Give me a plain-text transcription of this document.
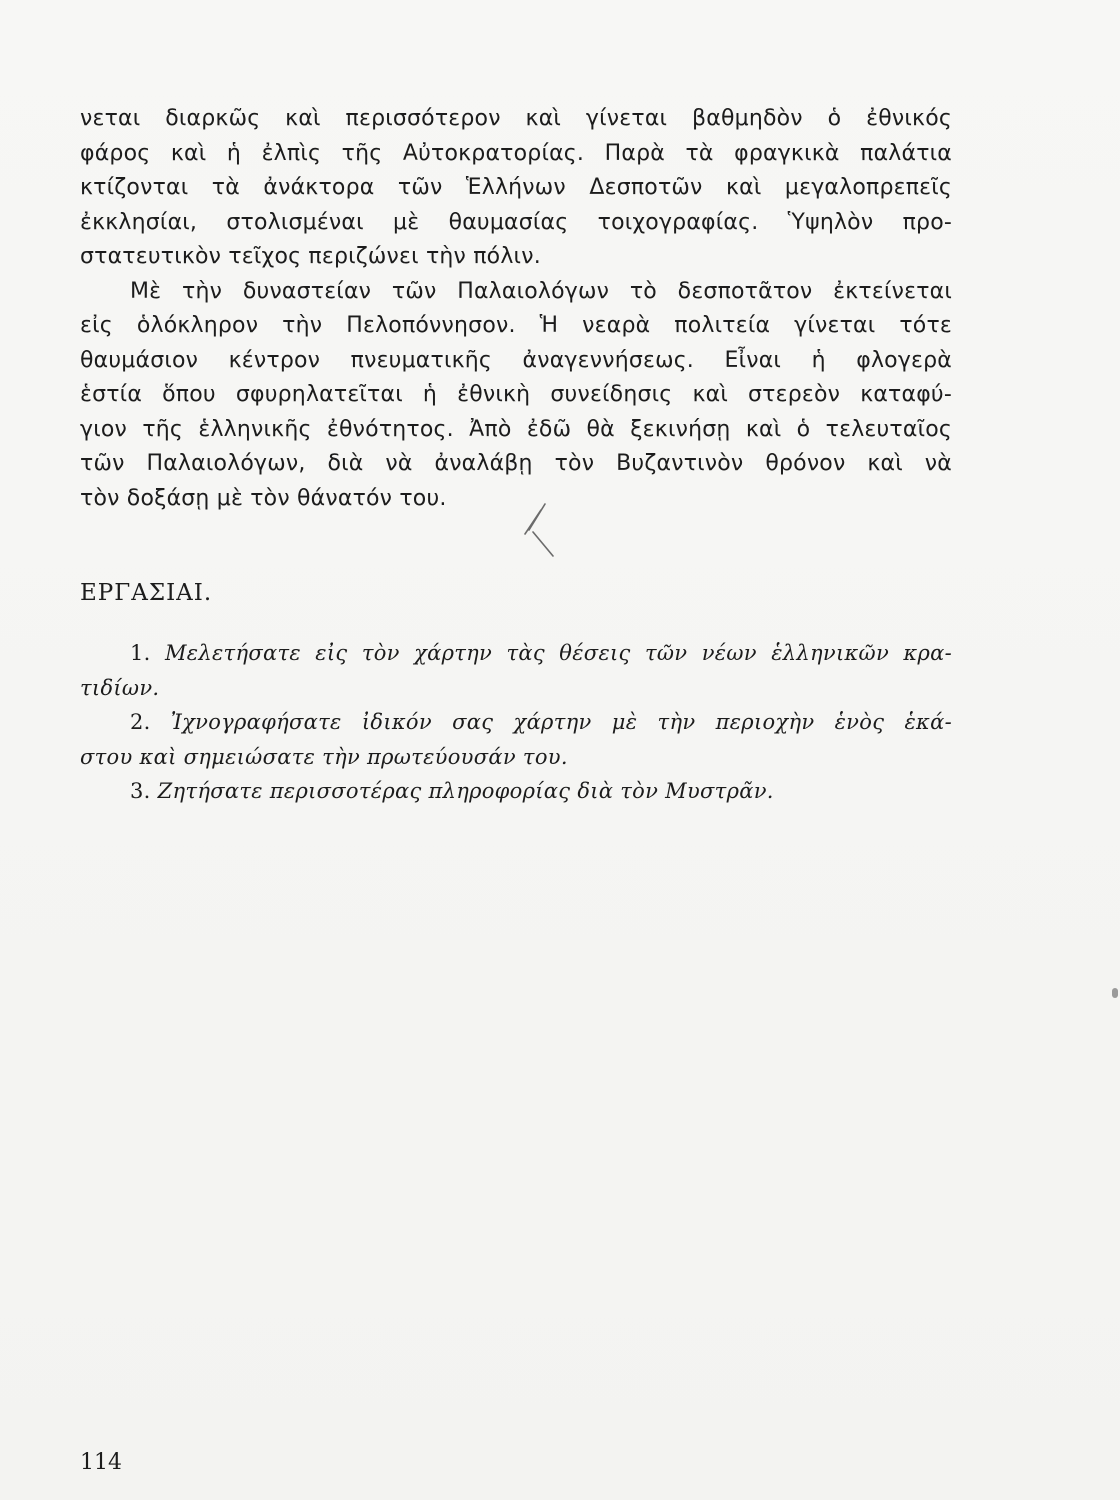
νεται διαρκῶς καὶ περισσότερον καὶ γίνεται βαθμηδὸν ὁ ἐθνικός
φάρος καὶ ἡ ἐλπὶς τῆς Αὐτοκρατορίας. Παρὰ τὰ φραγκικὰ παλάτια
κτίζονται τὰ ἀνάκτορα τῶν Ἑλλήνων Δεσποτῶν καὶ μεγαλοπρεπεῖς
ἐκκλησίαι, στολισμέναι μὲ θαυμασίας τοιχογραφίας. Ὑψηλὸν προ-
στατευτικὸν τεῖχος περιζώνει τὴν πόλιν.
Μὲ τὴν δυναστείαν τῶν Παλαιολόγων τὸ δεσποτᾶτον ἐκτείνεται
εἰς ὁλόκληρον τὴν Πελοπόννησον. Ἡ νεαρὰ πολιτεία γίνεται τότε
θαυμάσιον κέντρον πνευματικῆς ἀναγεννήσεως. Εἶναι ἡ φλογερὰ
ἑστία ὅπου σφυρηλατεῖται ἡ ἐθνικὴ συνείδησις καὶ στερεὸν καταφύ-
γιον τῆς ἑλληνικῆς ἐθνότητος. Ἀπὸ ἐδῶ θὰ ξεκινήσῃ καὶ ὁ τελευταῖος
τῶν Παλαιολόγων, διὰ νὰ ἀναλάβῃ τὸν Βυζαντινὸν θρόνον καὶ νὰ
τὸν δοξάσῃ μὲ τὸν θάνατόν του.
ΕΡΓΑΣΙΑΙ.
1. Μελετήσατε εἰς τὸν χάρτην τὰς θέσεις τῶν νέων ἑλληνικῶν κρα-
τιδίων.
2. Ἰχνογραφήσατε ἰδικόν σας χάρτην μὲ τὴν περιοχὴν ἑνὸς ἑκά-
στου καὶ σημειώσατε τὴν πρωτεύουσάν του.
3. Ζητήσατε περισσοτέρας πληροφορίας διὰ τὸν Μυστρᾶν.
114
